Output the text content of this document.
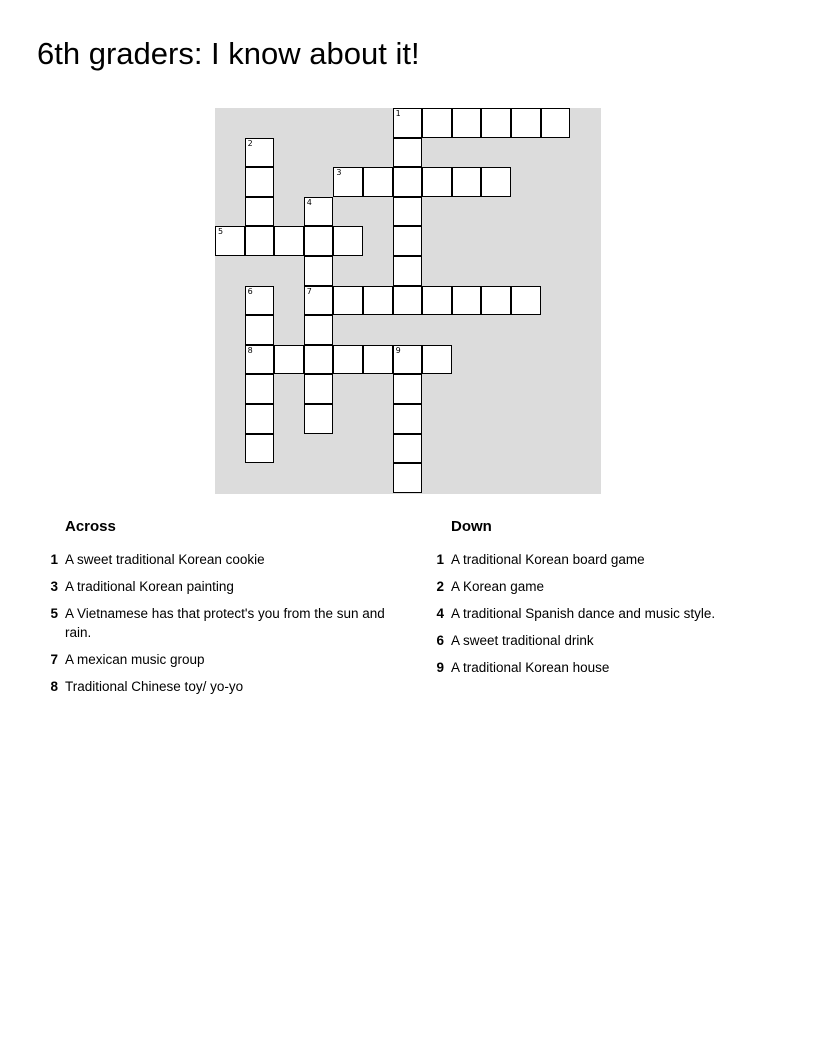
6th graders: I know about it!
1
2
3
4
5
6	7
8	9
Across
1 A sweet traditional Korean cookie
3 A traditional Korean painting
5 A Vietnamese has that protect's you from the sun and rain.
7 A mexican music group
8 Traditional Chinese toy/ yo-yo
Down
1 A traditional Korean board game
2 A Korean game
4 A traditional Spanish dance and music style.
6 A sweet traditional drink
9 A traditional Korean house
